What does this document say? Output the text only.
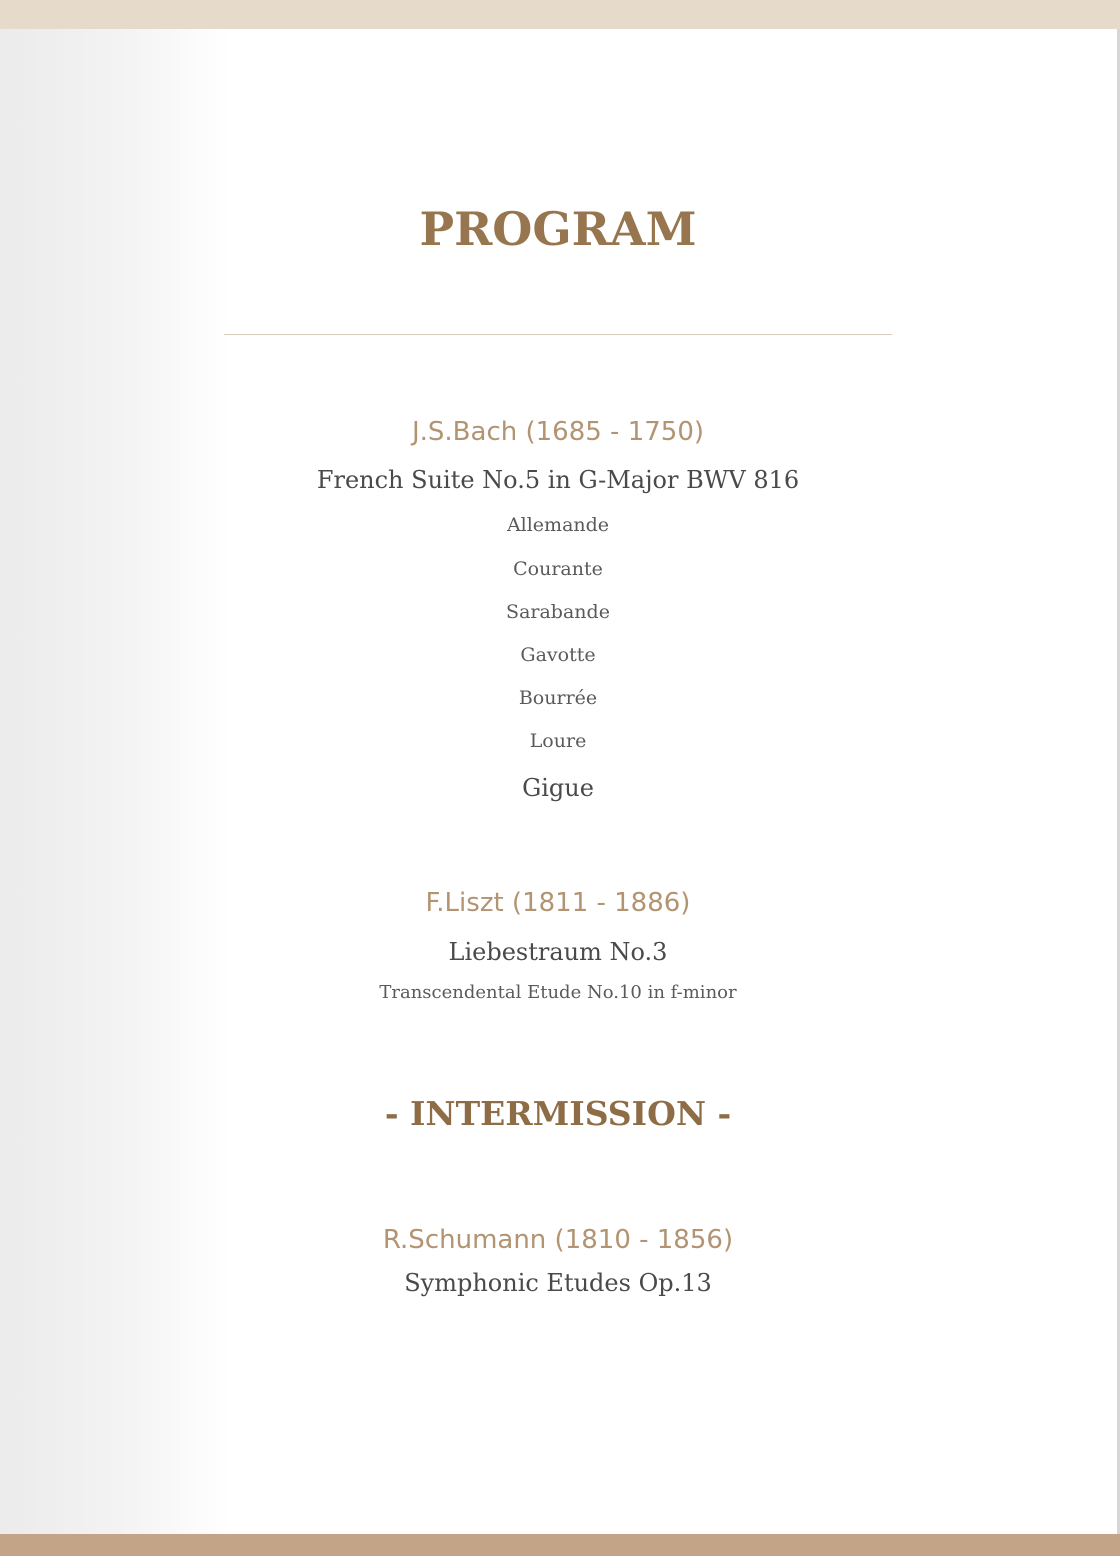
PROGRAM
J.S.Bach (1685 - 1750)
French Suite No.5 in G-Major BWV 816
Allemande
Courante
Sarabande
Gavotte
Bourrée
Loure
Gigue
F.Liszt (1811 - 1886)
Liebestraum No.3
Transcendental Etude No.10 in f-minor
- INTERMISSION -
R.Schumann (1810 - 1856)
Symphonic Etudes Op.13
